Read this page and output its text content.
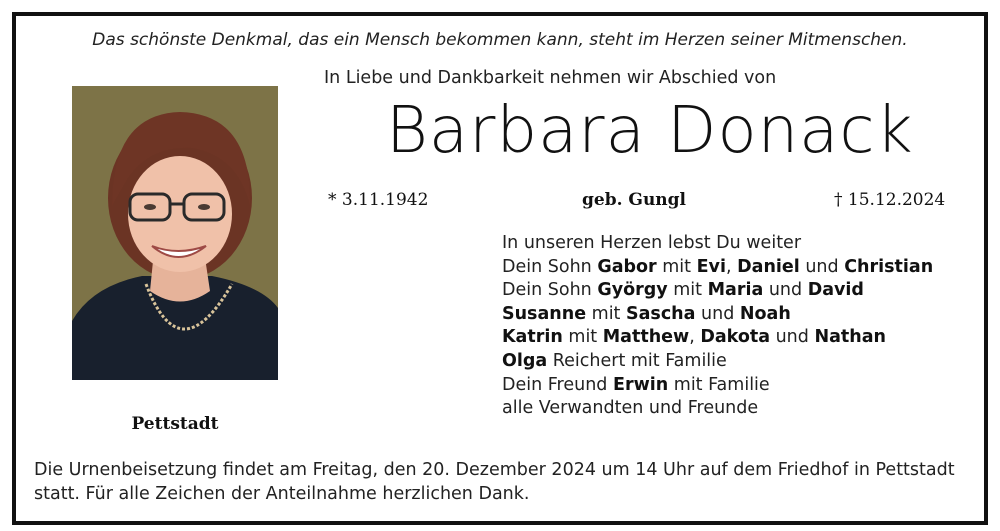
Das schönste Denkmal, das ein Mensch bekommen kann, steht im Herzen seiner Mitmenschen.
In Liebe und Dankbarkeit nehmen wir Abschied von
Barbara Donack
Pettstadt
* 3.11.1942	geb. Gungl	† 15.12.2024
In unseren Herzen lebst Du weiter
Dein Sohn Gabor mit Evi, Daniel und Christian
Dein Sohn György mit Maria und David
Susanne mit Sascha und Noah
Katrin mit Matthew, Dakota und Nathan
Olga Reichert mit Familie
Dein Freund Erwin mit Familie
alle Verwandten und Freunde
Die Urnenbeisetzung findet am Freitag, den 20. Dezember 2024 um 14 Uhr auf dem Friedhof in Pettstadt statt. Für alle Zeichen der Anteilnahme herzlichen Dank.
